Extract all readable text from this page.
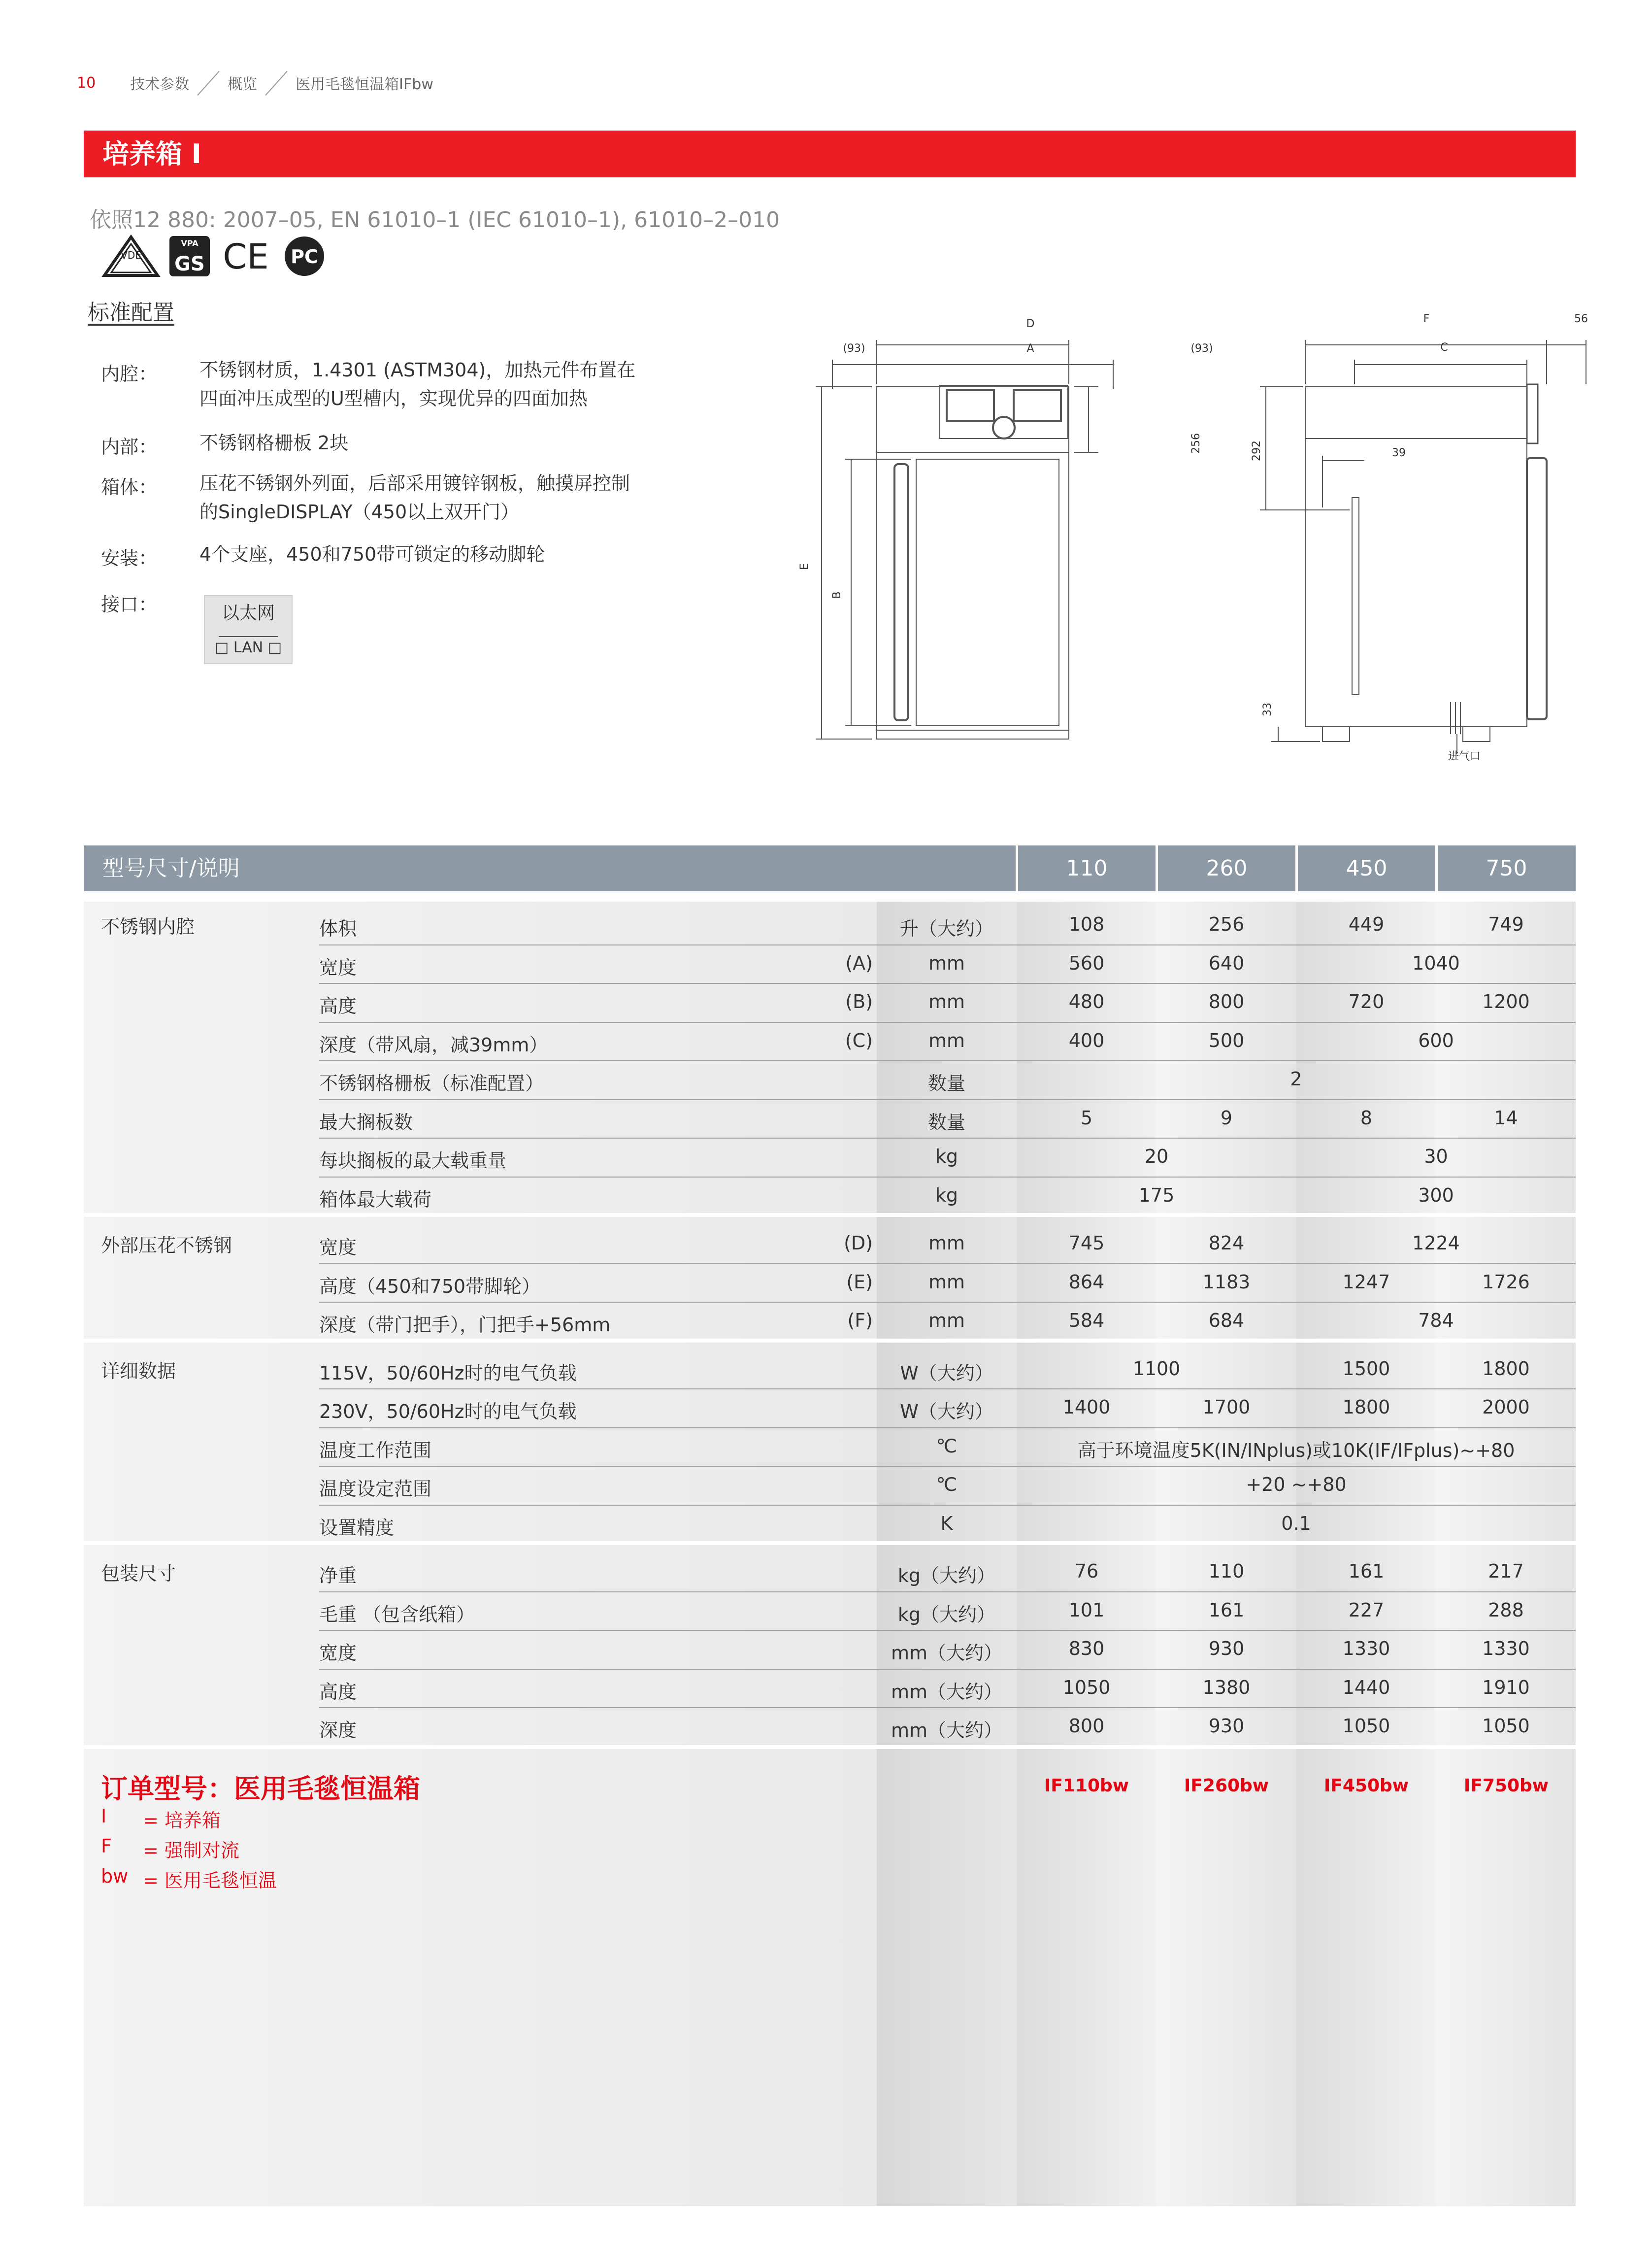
10 技术参数	概览	医用毛毯恒温箱IFbw
培养箱 I
依照12 880: 2007–05, EN 61010–1 (IEC 61010–1), 61010–2–010
VDE
VPA
GS CE PC
标准配置
内腔： 不锈钢材质，1.4301 (ASTM304)，加热元件布置在
四面冲压成型的U型槽内，实现优异的四面加热
内部： 不锈钢格栅板 2块
箱体： 压花不锈钢外列面，后部采用镀锌钢板，触摸屏控制
的SingleDISPLAY（450以上双开门）
安装： 4个支座，450和750带可锁定的移动脚轮
接口：	以太网
□ LAN □
D
A
(93)	(93)
256
E
B
F	56
C
292	39
33
进气口
型号尺寸/说明	110	260	450	750
不锈钢内腔	体积	升（大约）	108	256	449	749
宽度	(A)	mm	560	640	1040
高度	(B)	mm	480	800	720	1200
深度（带风扇，减39mm）	(C)	mm	400	500	600
不锈钢格栅板（标准配置）	数量	2
最大搁板数	数量	5	9	8	14
每块搁板的最大载重量	kg	20	30
箱体最大载荷	kg	175	300
外部压花不锈钢	宽度	(D)	mm	745	824	1224
高度（450和750带脚轮）	(E)	mm	864	1183	1247	1726
深度（带门把手），门把手+56mm	(F)	mm	584	684	784
详细数据	115V，50/60Hz时的电气负载	W（大约）	1100	1500	1800
230V，50/60Hz时的电气负载	W（大约）	1400	1700	1800	2000
温度工作范围	℃	高于环境温度5K(IN/INplus)或10K(IF/IFplus)~+80
温度设定范围	℃	+20 ~+80
设置精度	K	0.1
包装尺寸	净重	kg（大约）	76	110	161	217
毛重 （包含纸箱）	kg（大约）	101	161	227	288
宽度	mm（大约）	830	930	1330	1330
高度	mm（大约）	1050	1380	1440	1910
深度	mm（大约）	800	930	1050	1050
订单型号：医用毛毯恒温箱
I = 培养箱
F = 强制对流
bw = 医用毛毯恒温
IF110bw	IF260bw	IF450bw	IF750bw
